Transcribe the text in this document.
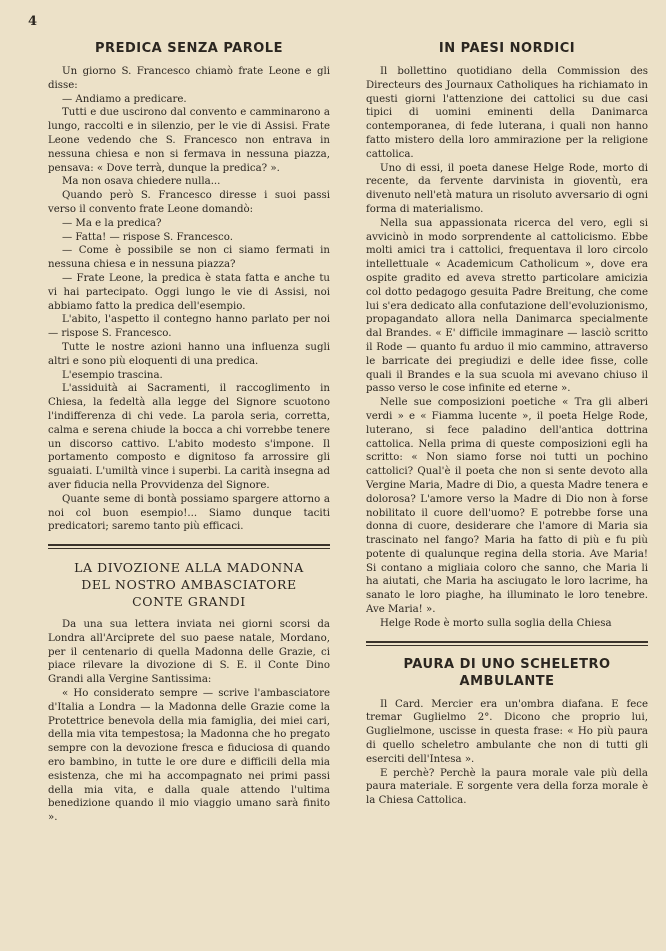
4
PREDICA SENZA PAROLE

Un giorno S. Francesco chiamò frate Leone e gli disse:

— Andiamo a predicare.

Tutti e due uscirono dal convento e camminarono a lungo, raccolti e in silenzio, per le vie di Assisi. Frate Leone vedendo che S. Francesco non entrava in nessuna chiesa e non si fermava in nessuna piazza, pensava: « Dove terrà, dunque la predica? ».

Ma non osava chiedere nulla...

Quando però S. Francesco diresse i suoi passi verso il convento frate Leone domandò:

— Ma e la predica?

— Fatta! — rispose S. Francesco.

— Come è possibile se non ci siamo fermati in nessuna chiesa e in nessuna piazza?

— Frate Leone, la predica è stata fatta e anche tu vi hai partecipato. Oggi lungo le vie di Assisi, noi abbiamo fatto la predica dell'esempio.

L'abito, l'aspetto il contegno hanno parlato per noi — rispose S. Francesco.

Tutte le nostre azioni hanno una influenza sugli altri e sono più eloquenti di una predica.

L'esempio trascina.

L'assiduità ai Sacramenti, il raccoglimento in Chiesa, la fedeltà alla legge del Signore scuotono l'indifferenza di chi vede. La parola seria, corretta, calma e serena chiude la bocca a chi vorrebbe tenere un discorso cattivo. L'abito modesto s'impone. Il portamento composto e dignitoso fa arrossire gli sguaiati. L'umiltà vince i superbi. La carità insegna ad aver fiducia nella Provvidenza del Signore.

Quante seme di bontà possiamo spargere attorno a noi col buon esempio!... Siamo dunque taciti predicatori; saremo tanto più efficaci.

LA DIVOZIONE ALLA MADONNA
DEL NOSTRO AMBASCIATORE
CONTE GRANDI

Da una sua lettera inviata nei giorni scorsi da Londra all'Arciprete del suo paese natale, Mordano, per il centenario di quella Madonna delle Grazie, ci piace rilevare la divozione di S. E. il Conte Dino Grandi alla Vergine Santissima:

« Ho considerato sempre — scrive l'ambasciatore d'Italia a Londra — la Madonna delle Grazie come la Protettrice benevola della mia famiglia, dei miei cari, della mia vita tempestosa; la Madonna che ho pregato sempre con la devozione fresca e fiduciosa di quando ero bambino, in tutte le ore dure e difficili della mia esistenza, che mi ha accompagnato nei primi passi della mia vita, e dalla quale attendo l'ultima benedizione quando il mio viaggio umano sarà finito ».

IN PAESI NORDICI

Il bollettino quotidiano della Commission des Directeurs des Journaux Catholiques ha richiamato in questi giorni l'attenzione dei cattolici su due casi tipici di uomini eminenti della Danimarca contemporanea, di fede luterana, i quali non hanno fatto mistero della loro ammirazione per la religione cattolica.

Uno di essi, il poeta danese Helge Rode, morto di recente, da fervente darvinista in gioventù, era divenuto nell'età matura un risoluto avversario di ogni forma di materialismo.

Nella sua appassionata ricerca del vero, egli si avvicinò in modo sorprendente al cattolicismo. Ebbe molti amici tra i cattolici, frequentava il loro circolo intellettuale « Academicum Catholicum », dove era ospite gradito ed aveva stretto particolare amicizia col dotto pedagogo gesuita Padre Breitung, che come lui s'era dedicato alla confutazione dell'evoluzionismo, propagandato allora nella Danimarca specialmente dal Brandes. « E' difficile immaginare — lasciò scritto il Rode — quanto fu arduo il mio cammino, attraverso le barricate dei pregiudizi e delle idee fisse, colle quali il Brandes e la sua scuola mi avevano chiuso il passo verso le cose infinite ed eterne ».

Nelle sue composizioni poetiche « Tra gli alberi verdi » e « Fiamma lucente », il poeta Helge Rode, luterano, si fece paladino dell'antica dottrina cattolica. Nella prima di queste composizioni egli ha scritto: « Non siamo forse noi tutti un pochino cattolici? Qual'è il poeta che non si sente devoto alla Vergine Maria, Madre di Dio, a questa Madre tenera e dolorosa? L'amore verso la Madre di Dio non à forse nobilitato il cuore dell'uomo? E potrebbe forse una donna di cuore, desiderare che l'amore di Maria sia trascinato nel fango? Maria ha fatto di più e fu più potente di qualunque regina della storia. Ave Maria! Si contano a migliaia coloro che sanno, che Maria li ha aiutati, che Maria ha asciugato le loro lacrime, ha sanato le loro piaghe, ha illuminato le loro tenebre. Ave Maria! ».

Helge Rode è morto sulla soglia della Chiesa

PAURA DI UNO SCHELETRO
AMBULANTE

Il Card. Mercier era un'ombra diafana. E fece tremar Guglielmo 2°. Dicono che proprio lui, Guglielmone, uscisse in questa frase: « Ho più paura di quello scheletro ambulante che non di tutti gli eserciti dell'Intesa ».

E perchè? Perchè la paura morale vale più della paura materiale. E sorgente vera della forza morale è la Chiesa Cattolica.
